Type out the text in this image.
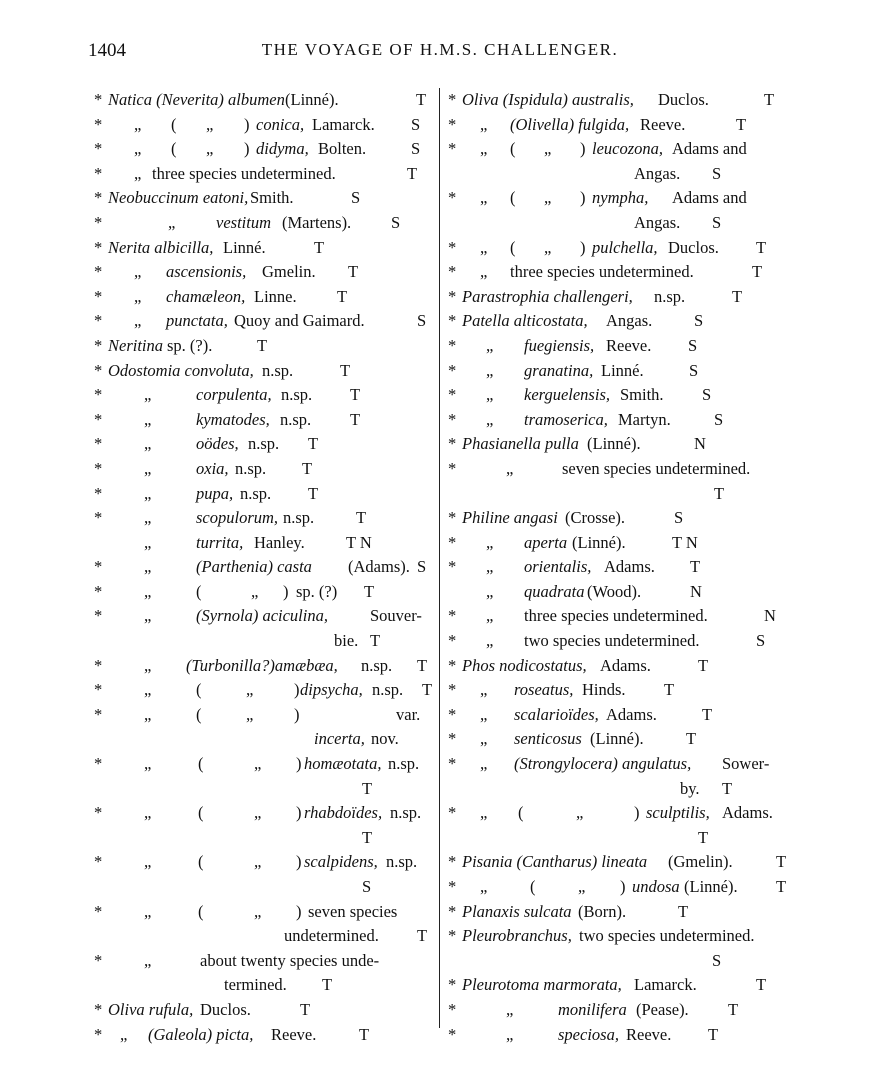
1404	THE VOYAGE OF H.M.S. CHALLENGER.
* Natica (Neverita) albumen (Linné).	T
* „ ( „ ) conica, Lamarck. S
* „ ( „ ) didyma, Bolten.	S
* „ three species undetermined.	T
* Neobuccinum eatoni, Smith.	S
*	„ vestitum (Martens). S
* Nerita albicilla, Linné.	T
* „ ascensionis, Gmelin. T
* „ chamæleon, Linne. T
* „ punctata, Quoy and Gaimard.	S
* Neritina sp. (?).	T
* Odostomia convoluta, n.sp.	T
*	„	corpulenta, n.sp. T
*	„	kymatodes, n.sp. T
*	„	oödes, n.sp. T
*	„	oxia, n.sp. T
*	„	pupa, n.sp. T
*	„	scopulorum, n.sp.	T
„	turrita, Hanley.	T N
*	„	(Parthenia) casta (Adams). S
*	„	(	„ ) sp. (?) T
*	„	(Syrnola) aciculina,	Souver-
bie. T
*	„ (Turbonilla?)amæbæa, n.sp. T
*	„	(	„ ) dipsycha, n.sp. T
*	„	(	„ )	var.
incerta, nov.
*	„	(	„ ) homæotata, n.sp.
T
*	„	(	„ ) rhabdoïdes, n.sp.
T
*	„	(	„ ) scalpidens, n.sp.
S
*	„	(	„ ) seven species
undetermined. T
*	„	about twenty species unde-
termined. T
* Oliva rufula, Duclos.	T
* „ (Galeola) picta, Reeve.	T
* Oliva (Ispidula) australis, Duclos.	T
* „ (Olivella) fulgida, Reeve.	T
* „ ( „ ) leucozona, Adams and
Angas. S
* „ ( „ ) nympha, Adams and
Angas. S
* „ ( „ ) pulchella, Duclos. T
* „ three species undetermined.	T
* Parastrophia challengeri, n.sp.	T
* Patella alticostata, Angas.	S
* „ fuegiensis, Reeve. S
* „ granatina, Linné.	S
* „ kerguelensis, Smith. S
* „ tramoserica, Martyn.	S
* Phasianella pulla (Linné).	N
*	„	seven species undetermined.
T
* Philine angasi (Crosse).	S
* „ aperta (Linné).	T N
* „ orientalis, Adams. T
„ quadrata (Wood).	N
* „ three species undetermined.	N
* „ two species undetermined.	S
* Phos nodicostatus, Adams.	T
* „ roseatus, Hinds. T
* „ scalarioïdes, Adams.	T
* „ senticosus (Linné).	T
* „ (Strongylocera) angulatus, Sower-
by. T
* „ (	„	) sculptilis, Adams.
T
* Pisania (Cantharus) lineata (Gmelin).	T
* „	(	„ ) undosa (Linné). T
* Planaxis sulcata (Born).	T
* Pleurobranchus, two species undetermined.
S
* Pleurotoma marmorata, Lamarck.	T
*	„	monilifera (Pease). T
*	„	speciosa, Reeve. T
